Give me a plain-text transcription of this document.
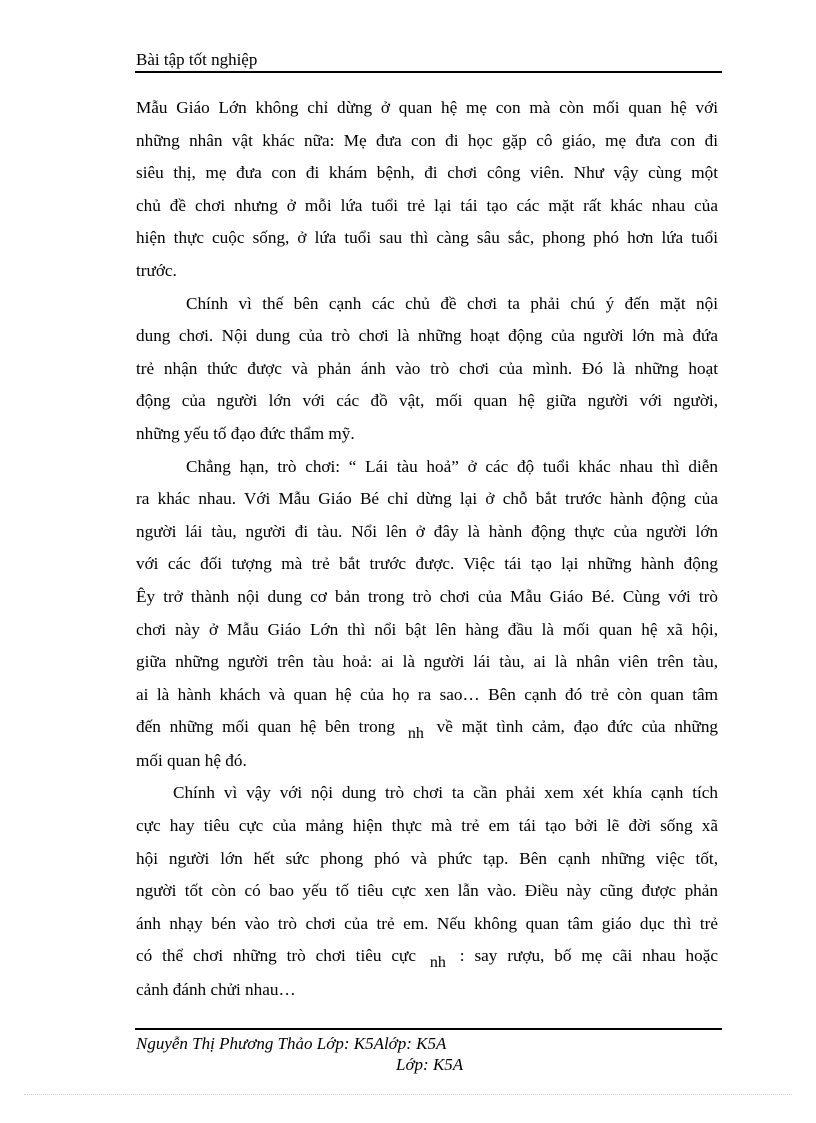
Bài tập tốt nghiệp

Mẫu Giáo Lớn không chỉ dừng ở quan hệ mẹ con mà còn mối quan hệ với
những nhân vật khác nữa: Mẹ đưa con đi học gặp cô giáo, mẹ đưa con đi
siêu thị, mẹ đưa con đi khám bệnh, đi chơi công viên. Như vậy cùng một
chủ đề chơi nhưng ở mỗi lứa tuổi trẻ lại tái tạo các mặt rất khác nhau của
hiện thực cuộc sống, ở lứa tuổi sau thì càng sâu sắc, phong phó hơn lứa tuổi
trước.

Chính vì thế bên cạnh các chủ đề chơi ta phải chú ý đến mặt nội
dung chơi. Nội dung của trò chơi là những hoạt động của người lớn mà đứa
trẻ nhận thức được và phản ánh vào trò chơi của mình. Đó là những hoạt
động của người lớn với các đồ vật, mối quan hệ giữa người với người,
những yếu tố đạo đức thẩm mỹ.

Chẳng hạn, trò chơi: “ Lái tàu hoả” ở các độ tuổi khác nhau thì diễn
ra khác nhau. Với Mẫu Giáo Bé chỉ dừng lại ở chỗ bắt trước hành động của
người lái tàu, người đi tàu. Nổi lên ở đây là hành động thực của người lớn
với các đối tượng mà trẻ bắt trước được. Việc tái tạo lại những hành động
Êy trở thành nội dung cơ bản trong trò chơi của Mẫu Giáo Bé. Cùng với trò
chơi này ở Mẫu Giáo Lớn thì nổi bật lên hàng đầu là mối quan hệ xã hội,
giữa những người trên tàu hoả: ai là người lái tàu, ai là nhân viên trên tàu,
ai là hành khách và quan hệ của họ ra sao… Bên cạnh đó trẻ còn quan tâm
đến những mối quan hệ bên trong nh về mặt tình cảm, đạo đức của những
mối quan hệ đó.

Chính vì vậy với nội dung trò chơi ta cần phải xem xét khía cạnh tích
cực hay tiêu cực của mảng hiện thực mà trẻ em tái tạo bởi lẽ đời sống xã
hội người lớn hết sức phong phó và phức tạp. Bên cạnh những việc tốt,
người tốt còn có bao yếu tố tiêu cực xen lẫn vào. Điều này cũng được phản
ánh nhạy bén vào trò chơi của trẻ em. Nếu không quan tâm giáo dục thì trẻ
có thể chơi những trò chơi tiêu cực nh : say rượu, bố mẹ cãi nhau hoặc
cảnh đánh chửi nhau…

Nguyễn Thị Phương Thảo Lớp: K5Alớp: K5A
Lớp: K5A
